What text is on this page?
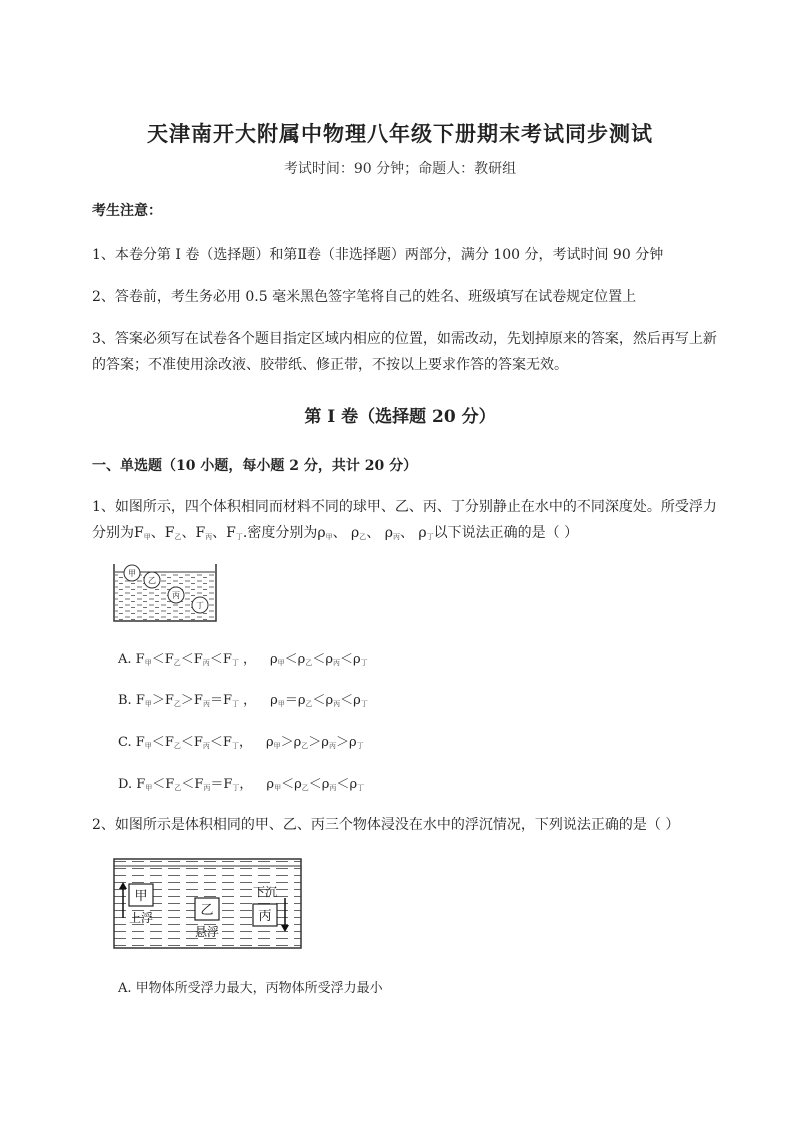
天津南开大附属中物理八年级下册期末考试同步测试
考试时间：90 分钟；命题人：教研组
考生注意：
1、本卷分第 I 卷（选择题）和第Ⅱ卷（非选择题）两部分，满分 100 分，考试时间 90 分钟
2、答卷前，考生务必用 0.5 毫米黑色签字笔将自己的姓名、班级填写在试卷规定位置上
3、答案必须写在试卷各个题目指定区域内相应的位置，如需改动，先划掉原来的答案，然后再写上新的答案；不准使用涂改液、胶带纸、修正带，不按以上要求作答的答案无效。
第 I 卷（选择题 20 分）
一、单选题（10 小题，每小题 2 分，共计 20 分）
1、如图所示，四个体积相同而材料不同的球甲、乙、丙、丁分别静止在水中的不同深度处。所受浮力
分别为$F_甲$、$F_乙$、$F_丙$、$F_丁$.密度分别为$\rho_甲$、 $\rho_乙$、 $\rho_丙$、 $\rho_丁$以下说法正确的是（ ）
甲
乙
丙
丁
A. $F_甲<F_乙<F_丙<F_丁$ ， $\rho_甲<\rho_乙<\rho_丙<\rho_丁$
B. $F_甲>F_乙>F_丙=F_丁$ ， $\rho_甲=\rho_乙<\rho_丙<\rho_丁$
C. $F_甲<F_乙<F_丙<F_丁$， $\rho_甲>\rho_乙>\rho_丙>\rho_丁$
D. $F_甲<F_乙<F_丙=F_丁$， $\rho_甲<\rho_乙<\rho_丙<\rho_丁$
2、如图所示是体积相同的甲、乙、丙三个物体浸没在水中的浮沉情况，下列说法正确的是（ ）
甲
上浮	乙
悬浮
下沉
丙
A. 甲物体所受浮力最大，丙物体所受浮力最小
